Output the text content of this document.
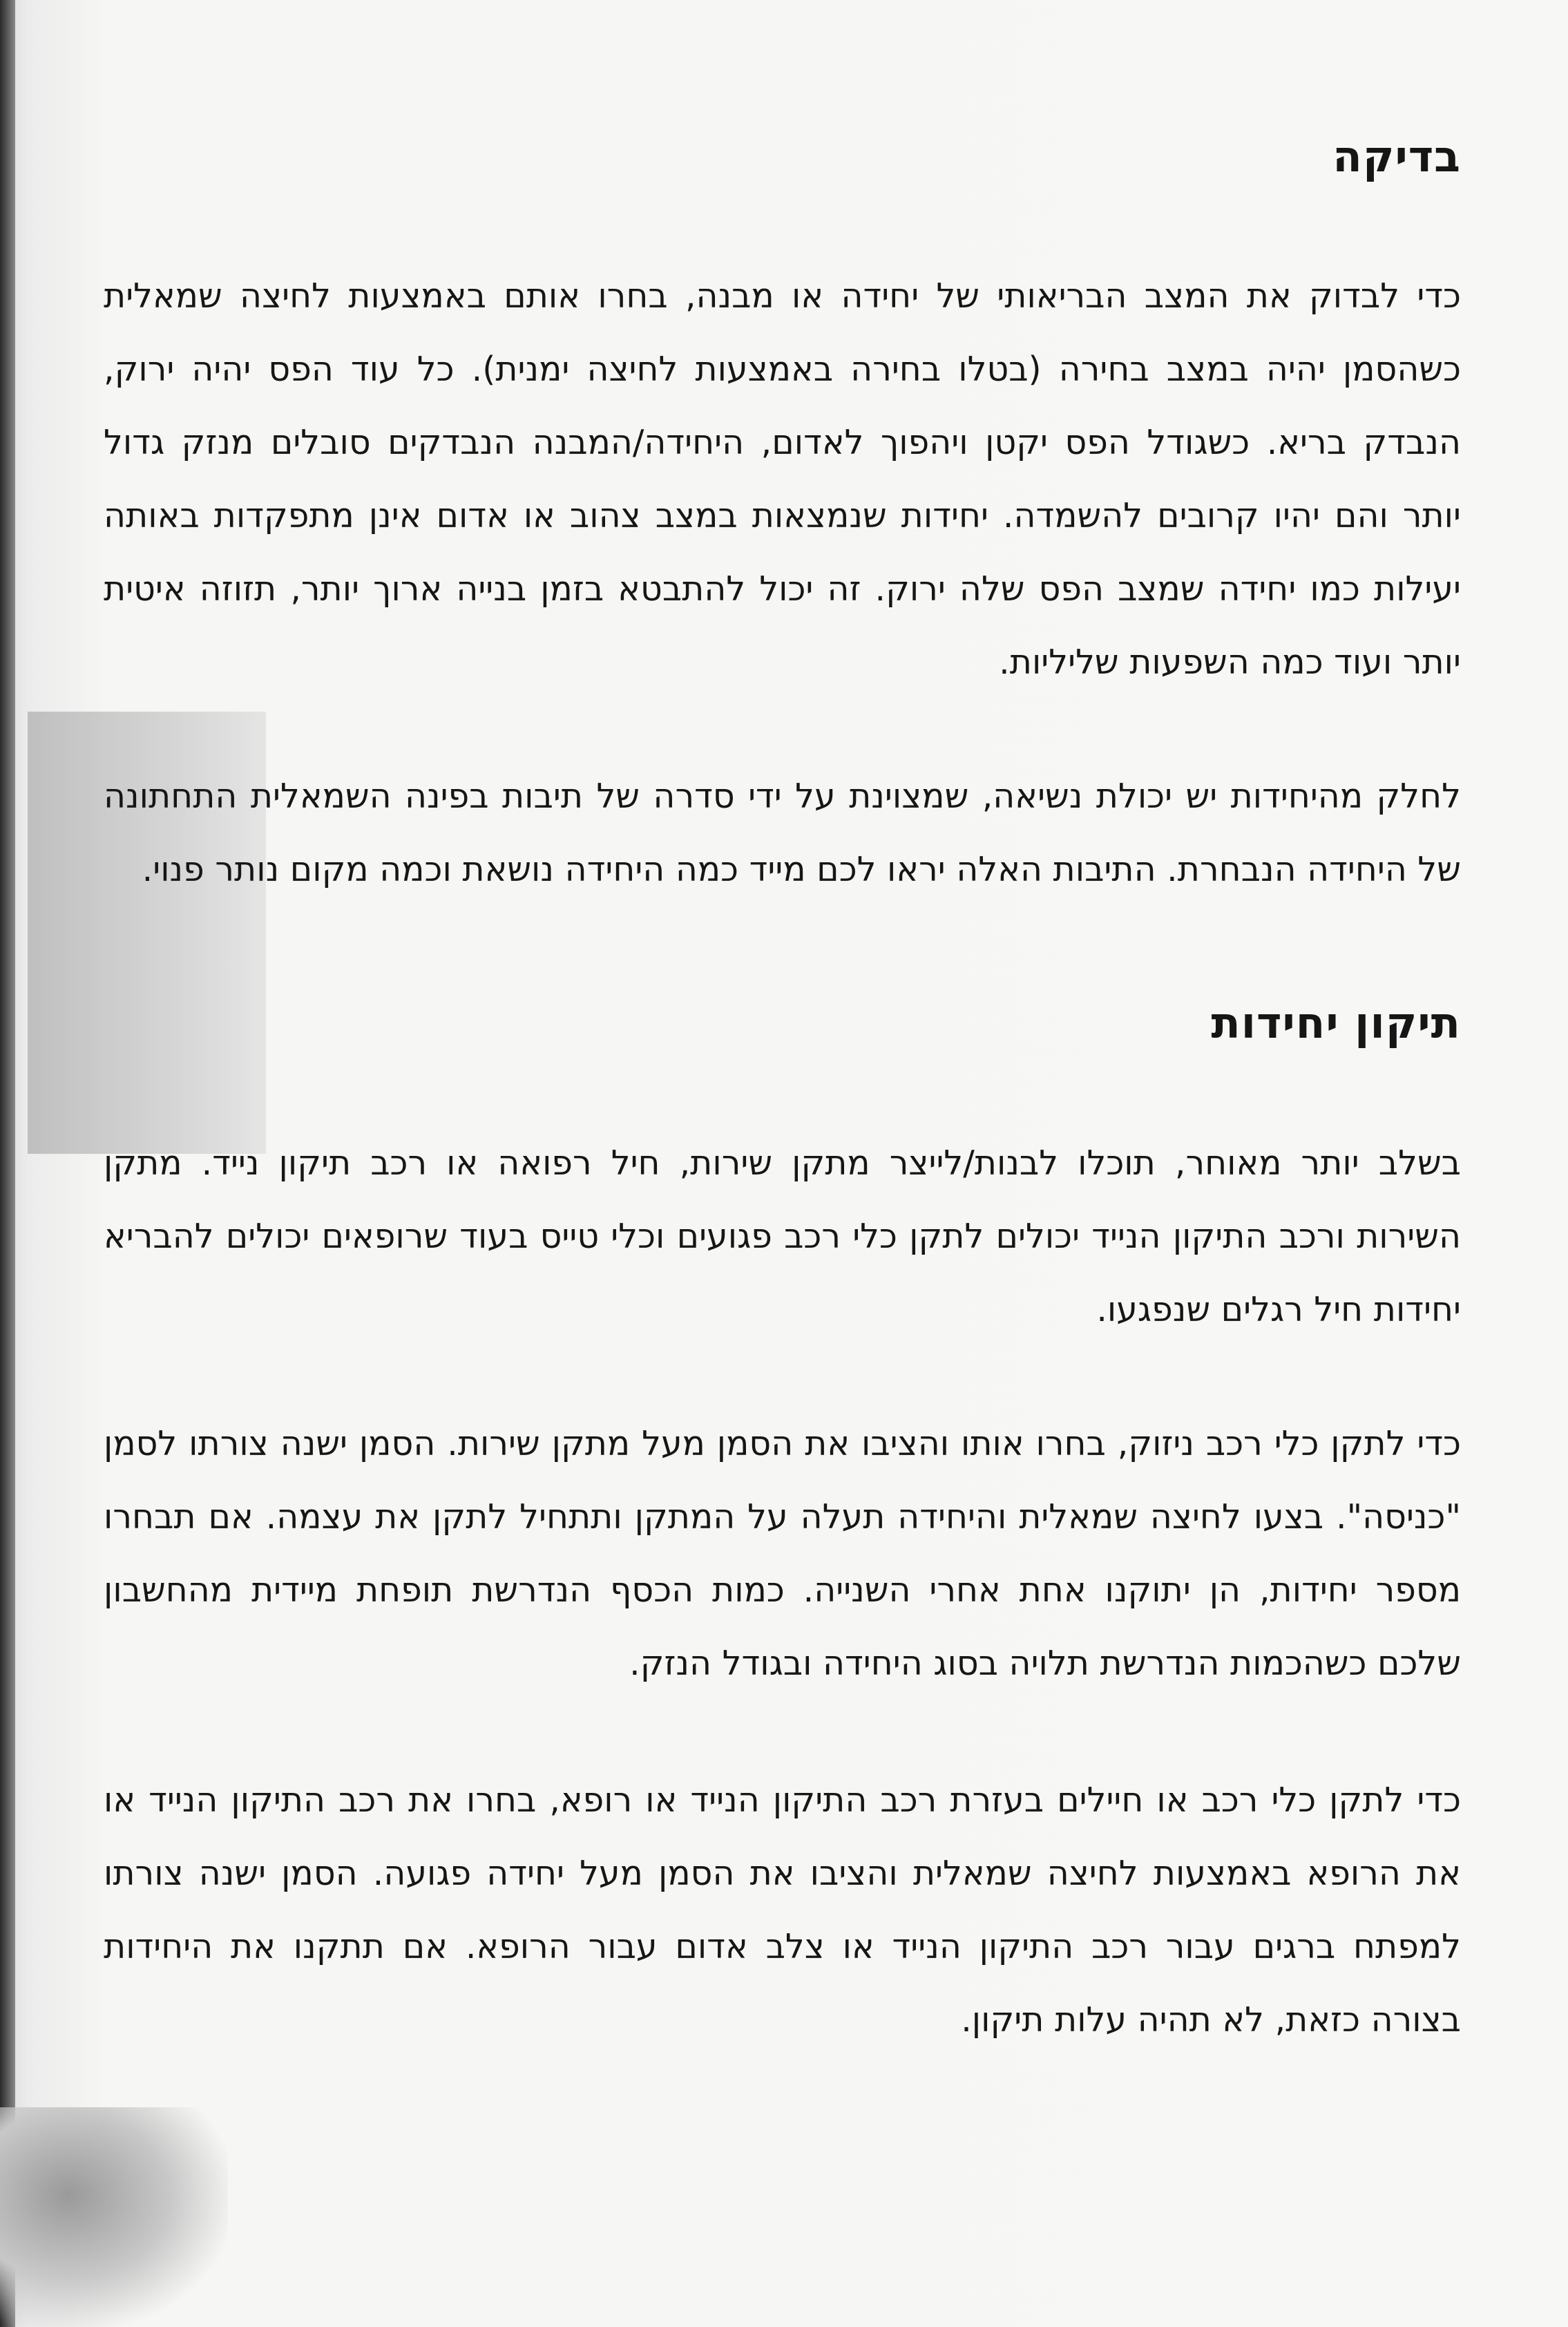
בדיקה

כדי לבדוק את המצב הבריאותי של יחידה או מבנה, בחרו אותם באמצעות לחיצה שמאלית כשהסמן יהיה במצב בחירה (בטלו בחירה באמצעות לחיצה ימנית). כל עוד הפס יהיה ירוק, הנבדק בריא. כשגודל הפס יקטן ויהפוך לאדום, היחידה/המבנה הנבדקים סובלים מנזק גדול יותר והם יהיו קרובים להשמדה. יחידות שנמצאות במצב צהוב או אדום אינן מתפקדות באותה יעילות כמו יחידה שמצב הפס שלה ירוק. זה יכול להתבטא בזמן בנייה ארוך יותר, תזוזה איטית יותר ועוד כמה השפעות שליליות.

לחלק מהיחידות יש יכולת נשיאה, שמצוינת על ידי סדרה של תיבות בפינה השמאלית התחתונה של היחידה הנבחרת. התיבות האלה יראו לכם מייד כמה היחידה נושאת וכמה מקום נותר פנוי.

תיקון יחידות

בשלב יותר מאוחר, תוכלו לבנות/לייצר מתקן שירות, חיל רפואה או רכב תיקון נייד. מתקן השירות ורכב התיקון הנייד יכולים לתקן כלי רכב פגועים וכלי טייס בעוד שרופאים יכולים להבריא יחידות חיל רגלים שנפגעו.

כדי לתקן כלי רכב ניזוק, בחרו אותו והציבו את הסמן מעל מתקן שירות. הסמן ישנה צורתו לסמן "כניסה". בצעו לחיצה שמאלית והיחידה תעלה על המתקן ותתחיל לתקן את עצמה. אם תבחרו מספר יחידות, הן יתוקנו אחת אחרי השנייה. כמות הכסף הנדרשת תופחת מיידית מהחשבון שלכם כשהכמות הנדרשת תלויה בסוג היחידה ובגודל הנזק.

כדי לתקן כלי רכב או חיילים בעזרת רכב התיקון הנייד או רופא, בחרו את רכב התיקון הנייד או את הרופא באמצעות לחיצה שמאלית והציבו את הסמן מעל יחידה פגועה. הסמן ישנה צורתו למפתח ברגים עבור רכב התיקון הנייד או צלב אדום עבור הרופא. אם תתקנו את היחידות בצורה כזאת, לא תהיה עלות תיקון.
